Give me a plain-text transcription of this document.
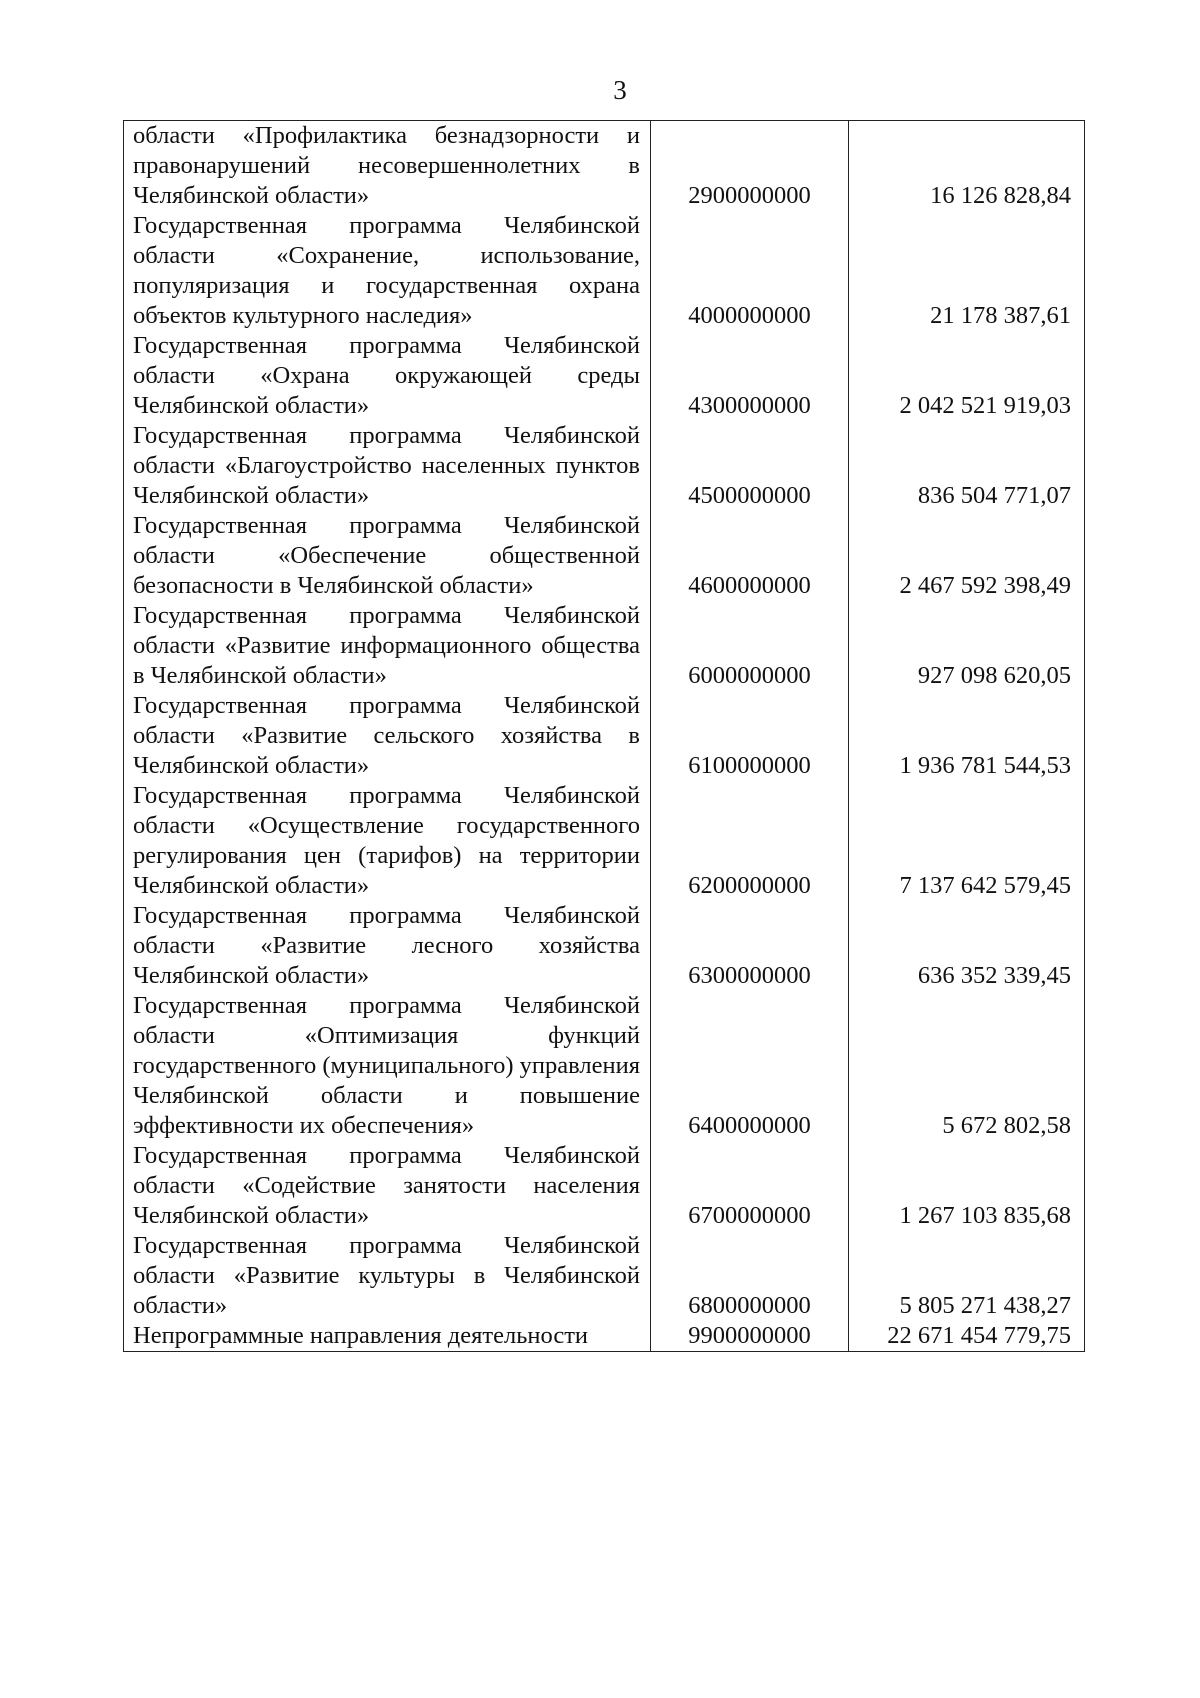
3
области «Профилактика безнадзорности и правонарушений несовершеннолетних в Челябинской области»	2900000000	16 126 828,84
Государственная программа Челябинской области «Сохранение, использование, популяризация и государственная охрана объектов культурного наследия»	4000000000	21 178 387,61
Государственная программа Челябинской области «Охрана окружающей среды Челябинской области»	4300000000	2 042 521 919,03
Государственная программа Челябинской области «Благоустройство населенных пунктов Челябинской области»	4500000000	836 504 771,07
Государственная программа Челябинской области «Обеспечение общественной безопасности в Челябинской области»	4600000000	2 467 592 398,49
Государственная программа Челябинской области «Развитие информационного общества в Челябинской области»	6000000000	927 098 620,05
Государственная программа Челябинской области «Развитие сельского хозяйства в Челябинской области»	6100000000	1 936 781 544,53
Государственная программа Челябинской области «Осуществление государственного регулирования цен (тарифов) на территории Челябинской области»	6200000000	7 137 642 579,45
Государственная программа Челябинской области «Развитие лесного хозяйства Челябинской области»	6300000000	636 352 339,45
Государственная программа Челябинской области «Оптимизация функций государственного (муниципального) управления Челябинской области и повышение эффективности их обеспечения»	6400000000	5 672 802,58
Государственная программа Челябинской области «Содействие занятости населения Челябинской области»	6700000000	1 267 103 835,68
Государственная программа Челябинской области «Развитие культуры в Челябинской области»	6800000000	5 805 271 438,27
Непрограммные направления деятельности	9900000000	22 671 454 779,75
